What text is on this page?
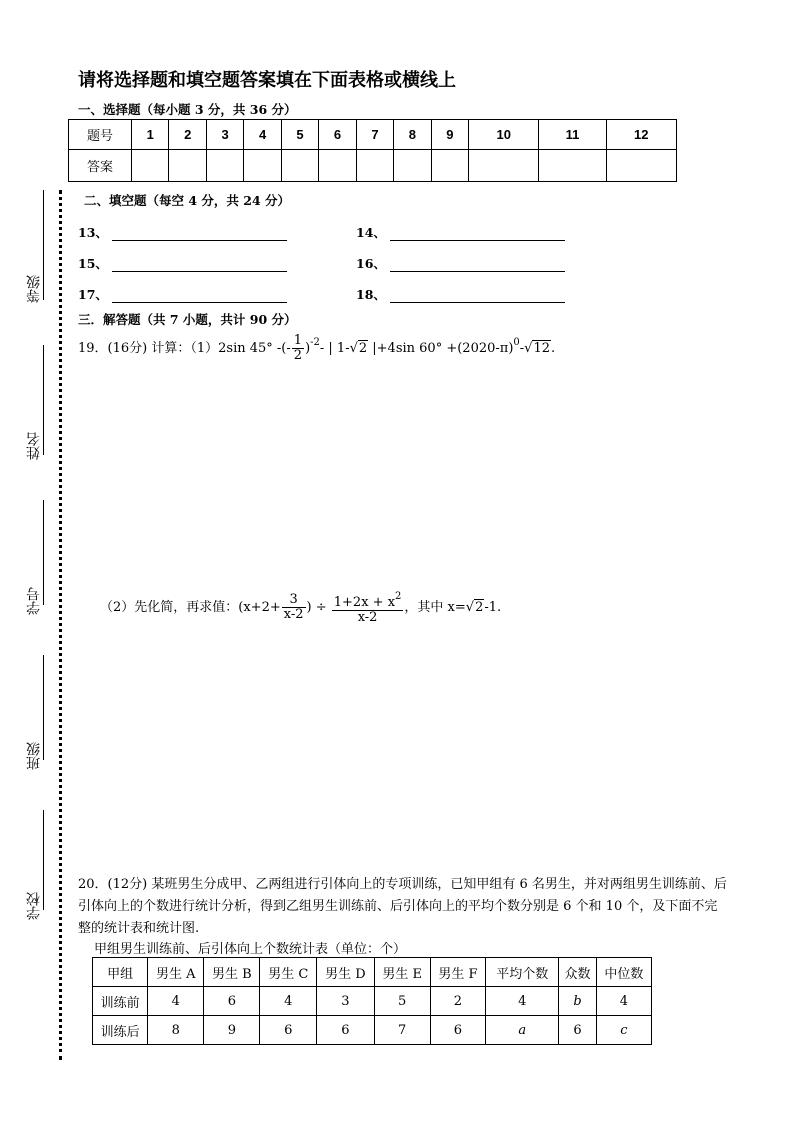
等级
姓名
学号
班级
学校
请将选择题和填空题答案填在下面表格或横线上
一、选择题（每小题 3 分，共 36 分）
题号	1	2	3	4	5	6	7	8	9	10	11	12
答案												
二、填空题（每空 4 分，共 24 分）
13、	14、
15、	16、
17、	18、
三．解答题（共 7 小题，共计 90 分）
19．(16分) 计算：（1）2sin 45° -(- $\frac{1}{2} )^{-2}-$ | 1-√2 |+4sin $60^\circ +(2020-\pi)^0-√12$.
（2）先化简，再求值：($x+2+ \frac{3}{x-2}$ ) ÷ $\frac{1+2x + x^2}{x-2}$ ，其中 x=√2-1.
20．(12分) 某班男生分成甲、乙两组进行引体向上的专项训练，已知甲组有 6 名男生，并对两组男生训练前、后引体向上的个数进行统计分析，得到乙组男生训练前、后引体向上的平均个数分别是 6 个和 10 个，及下面不完整的统计表和统计图.
甲组男生训练前、后引体向上个数统计表（单位：个）
甲组	男生 A	男生 B	男生 C	男生 D	男生 E	男生 F	平均个数	众数	中位数
训练前	4	6	4	3	5	2	4	b	4
训练后	8	9	6	6	7	6	a	6	c
